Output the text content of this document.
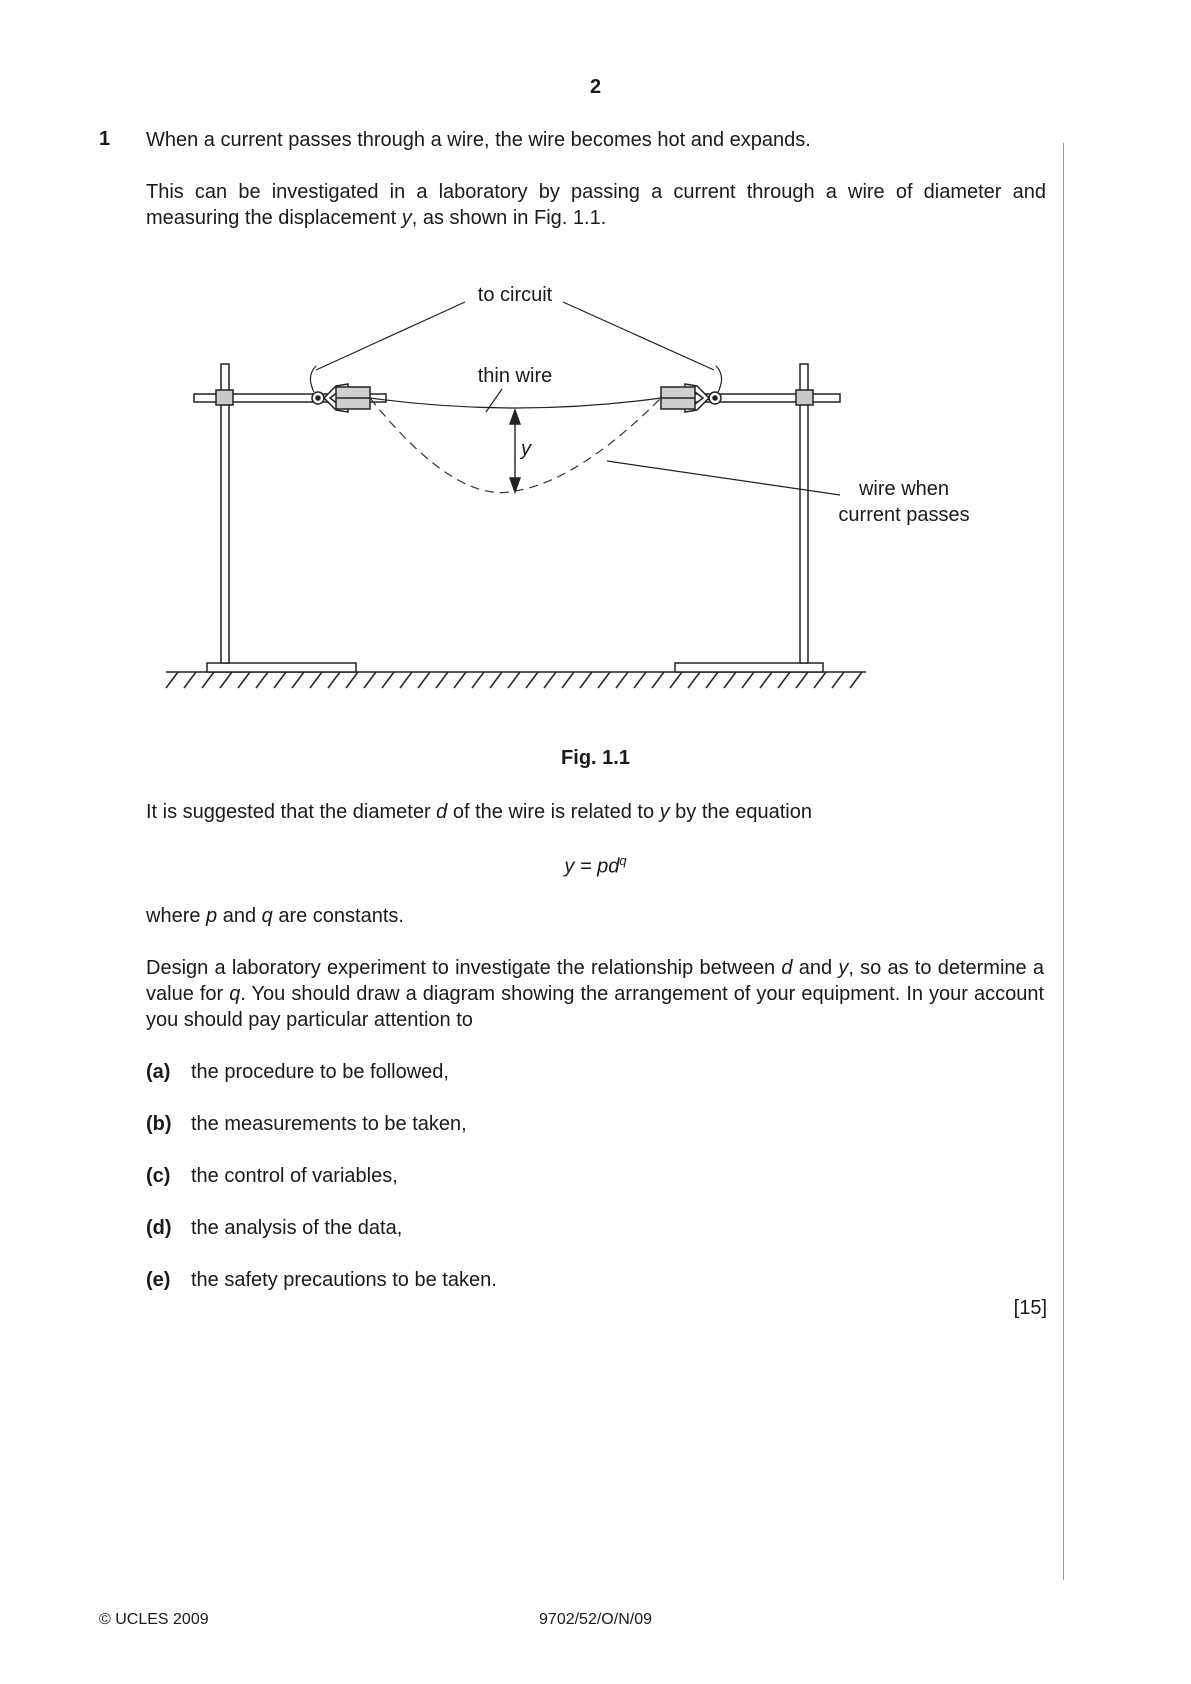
2
1 When a current passes through a wire, the wire becomes hot and expands.

This can be investigated in a laboratory by passing a current through a wire of diameter and measuring the displacement y, as shown in Fig. 1.1.

to circuit
thin wire
y
wire when
current passes
Fig. 1.1

It is suggested that the diameter d of the wire is related to y by the equation

$y = pd^q$

where p and q are constants.

Design a laboratory experiment to investigate the relationship between d and y, so as to determine a value for q. You should draw a diagram showing the arrangement of your equipment. In your account you should pay particular attention to

(a) the procedure to be followed,
(b) the measurements to be taken,
(c) the control of variables,
(d) the analysis of the data,
(e) the safety precautions to be taken.
[15]
© UCLES 2009	9702/52/O/N/09
